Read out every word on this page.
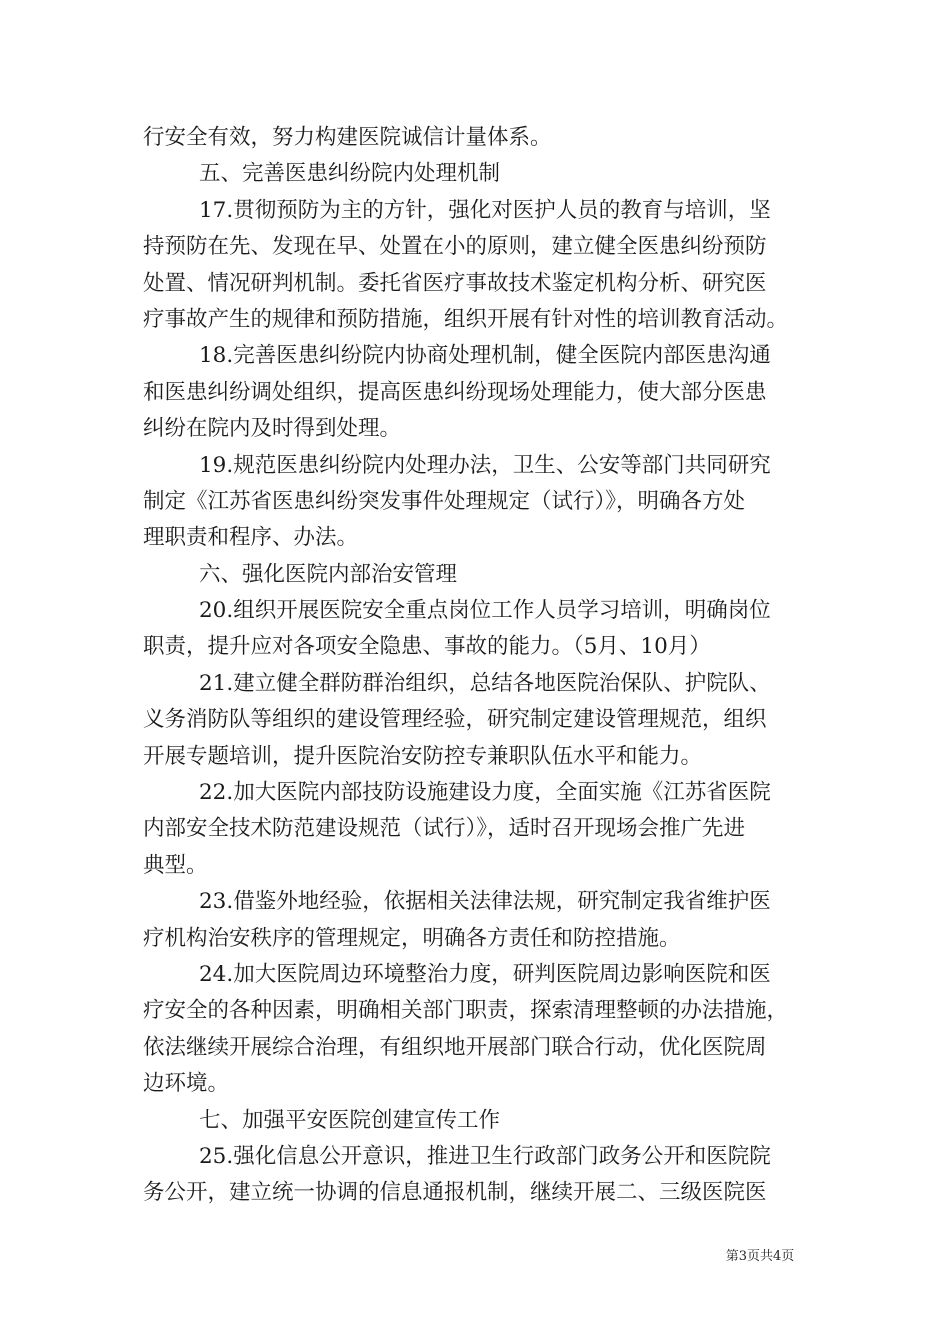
行安全有效，努力构建医院诚信计量体系。
五、完善医患纠纷院内处理机制
17.贯彻预防为主的方针，强化对医护人员的教育与培训，坚
持预防在先、发现在早、处置在小的原则，建立健全医患纠纷预防
处置、情况研判机制。委托省医疗事故技术鉴定机构分析、研究医
疗事故产生的规律和预防措施，组织开展有针对性的培训教育活动。
18.完善医患纠纷院内协商处理机制，健全医院内部医患沟通
和医患纠纷调处组织，提高医患纠纷现场处理能力，使大部分医患
纠纷在院内及时得到处理。
19.规范医患纠纷院内处理办法，卫生、公安等部门共同研究
制定《江苏省医患纠纷突发事件处理规定（试行）》，明确各方处
理职责和程序、办法。
六、强化医院内部治安管理
20.组织开展医院安全重点岗位工作人员学习培训，明确岗位
职责，提升应对各项安全隐患、事故的能力。（5月、10月）
21.建立健全群防群治组织，总结各地医院治保队、护院队、
义务消防队等组织的建设管理经验，研究制定建设管理规范，组织
开展专题培训，提升医院治安防控专兼职队伍水平和能力。
22.加大医院内部技防设施建设力度，全面实施《江苏省医院
内部安全技术防范建设规范（试行）》，适时召开现场会推广先进
典型。
23.借鉴外地经验，依据相关法律法规，研究制定我省维护医
疗机构治安秩序的管理规定，明确各方责任和防控措施。
24.加大医院周边环境整治力度，研判医院周边影响医院和医
疗安全的各种因素，明确相关部门职责，探索清理整顿的办法措施，
依法继续开展综合治理，有组织地开展部门联合行动，优化医院周
边环境。
七、加强平安医院创建宣传工作
25.强化信息公开意识，推进卫生行政部门政务公开和医院院
务公开，建立统一协调的信息通报机制，继续开展二、三级医院医
第3页共4页
